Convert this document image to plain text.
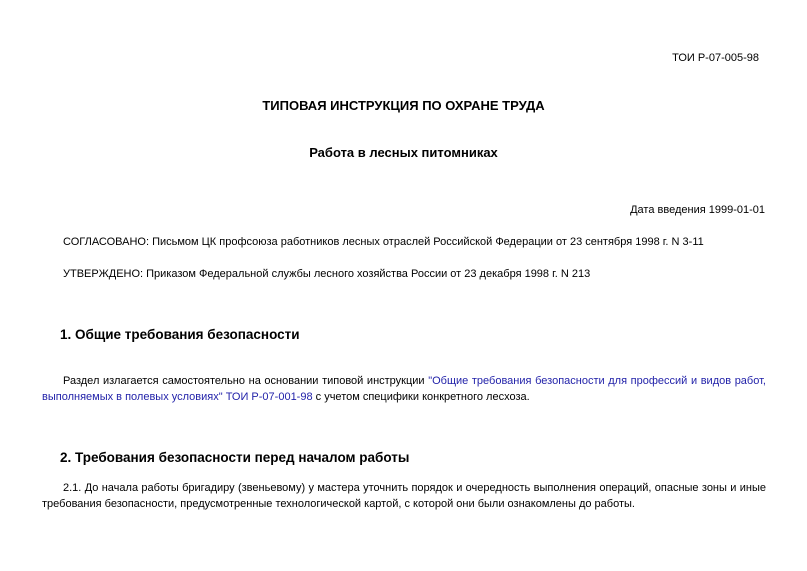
ТОИ Р-07-005-98
ТИПОВАЯ ИНСТРУКЦИЯ ПО ОХРАНЕ ТРУДА
Работа в лесных питомниках
Дата введения 1999-01-01
СОГЛАСОВАНО: Письмом ЦК профсоюза работников лесных отраслей Российской Федерации от 23 сентября 1998 г. N 3-11
УТВЕРЖДЕНО: Приказом Федеральной службы лесного хозяйства России от 23 декабря 1998 г. N 213
1. Общие требования безопасности
Раздел излагается самостоятельно на основании типовой инструкции "Общие требования безопасности для профессий и видов работ, выполняемых в полевых условиях" ТОИ Р-07-001-98 с учетом специфики конкретного лесхоза.
2. Требования безопасности перед началом работы
2.1. До начала работы бригадиру (звеньевому) у мастера уточнить порядок и очередность выполнения операций, опасные зоны и иные требования безопасности, предусмотренные технологической картой, с которой они были ознакомлены до работы.
